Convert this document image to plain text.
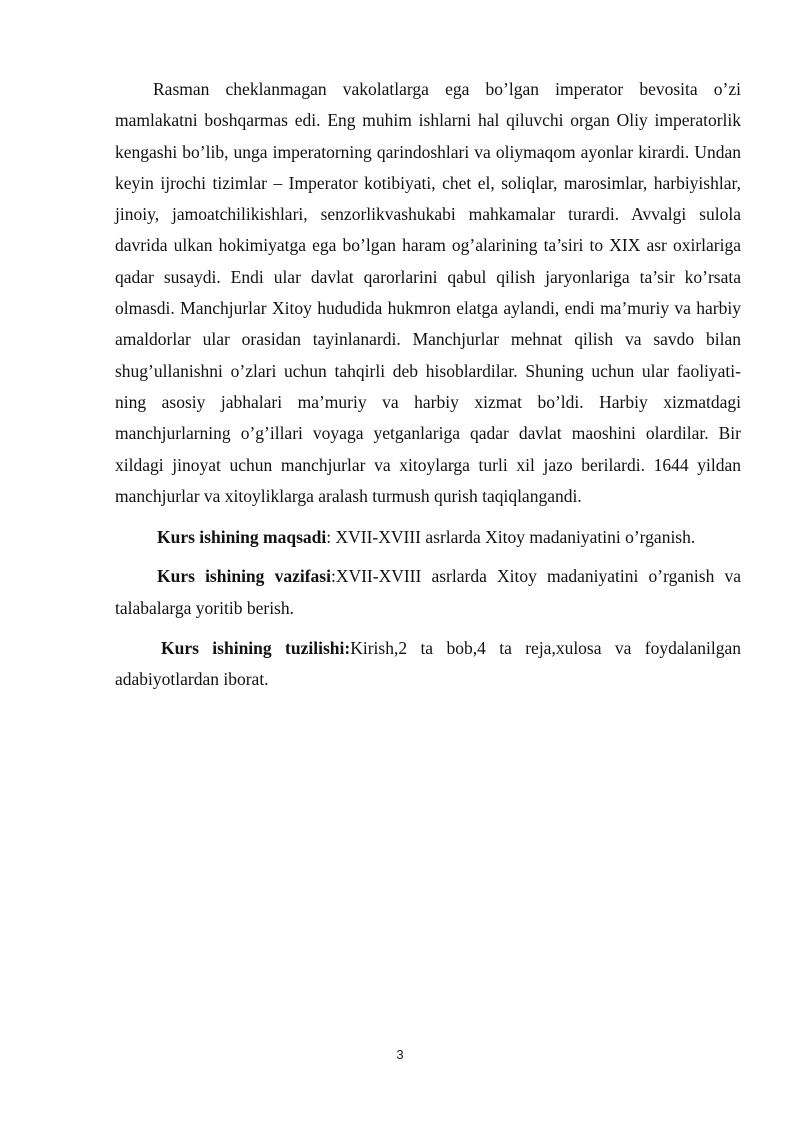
Rasman cheklanmagan vakolatlarga ega bo’lgan imperator bevosita o’zi mamlakatni boshqarmas edi. Eng muhim ishlarni hal qiluvchi organ Oliy imperatorlik kengashi bo’lib, unga imperatorning qarindoshlari va oliymaqom ayonlar kirardi. Undan keyin ijrochi tizimlar – Imperator kotibiyati, chet el, soliqlar, marosimlar, harbiyishlar, jinoiy, jamoatchilikishlari, senzorlikvashukabi mahkamalar turardi. Avvalgi sulola davrida ulkan hokimiyatga ega bo’lgan haram og’alarining ta’siri to XIX asr oxirlariga qadar susaydi. Endi ular davlat qarorlarini qabul qilish jaryonlariga ta’sir ko’rsata olmasdi. Manchjurlar Xitoy hududida hukmron elatga aylandi, endi ma’muriy va harbiy amaldorlar ular orasidan tayinlanardi. Manchjurlar mehnat qilish va savdo bilan shug’ullanishni o’zlari uchun tahqirli deb hisoblardilar. Shuning uchun ular faoliyati-ning asosiy jabhalari ma’muriy va harbiy xizmat bo’ldi. Harbiy xizmatdagi manchjurlarning o’g’illari voyaga yetganlariga qadar davlat maoshini olardilar. Bir xildagi jinoyat uchun manchjurlar va xitoylarga turli xil jazo berilardi. 1644 yildan manchjurlar va xitoyliklarga aralash turmush qurish taqiqlangandi.

Kurs ishining maqsadi: XVII-XVIII asrlarda Xitoy madaniyatini o’rganish.

Kurs ishining vazifasi:XVII-XVIII asrlarda Xitoy madaniyatini o’rganish va talabalarga yoritib berish.

Kurs ishining tuzilishi:Kirish,2 ta bob,4 ta reja,xulosa va foydalanilgan adabiyotlardan iborat.

3
